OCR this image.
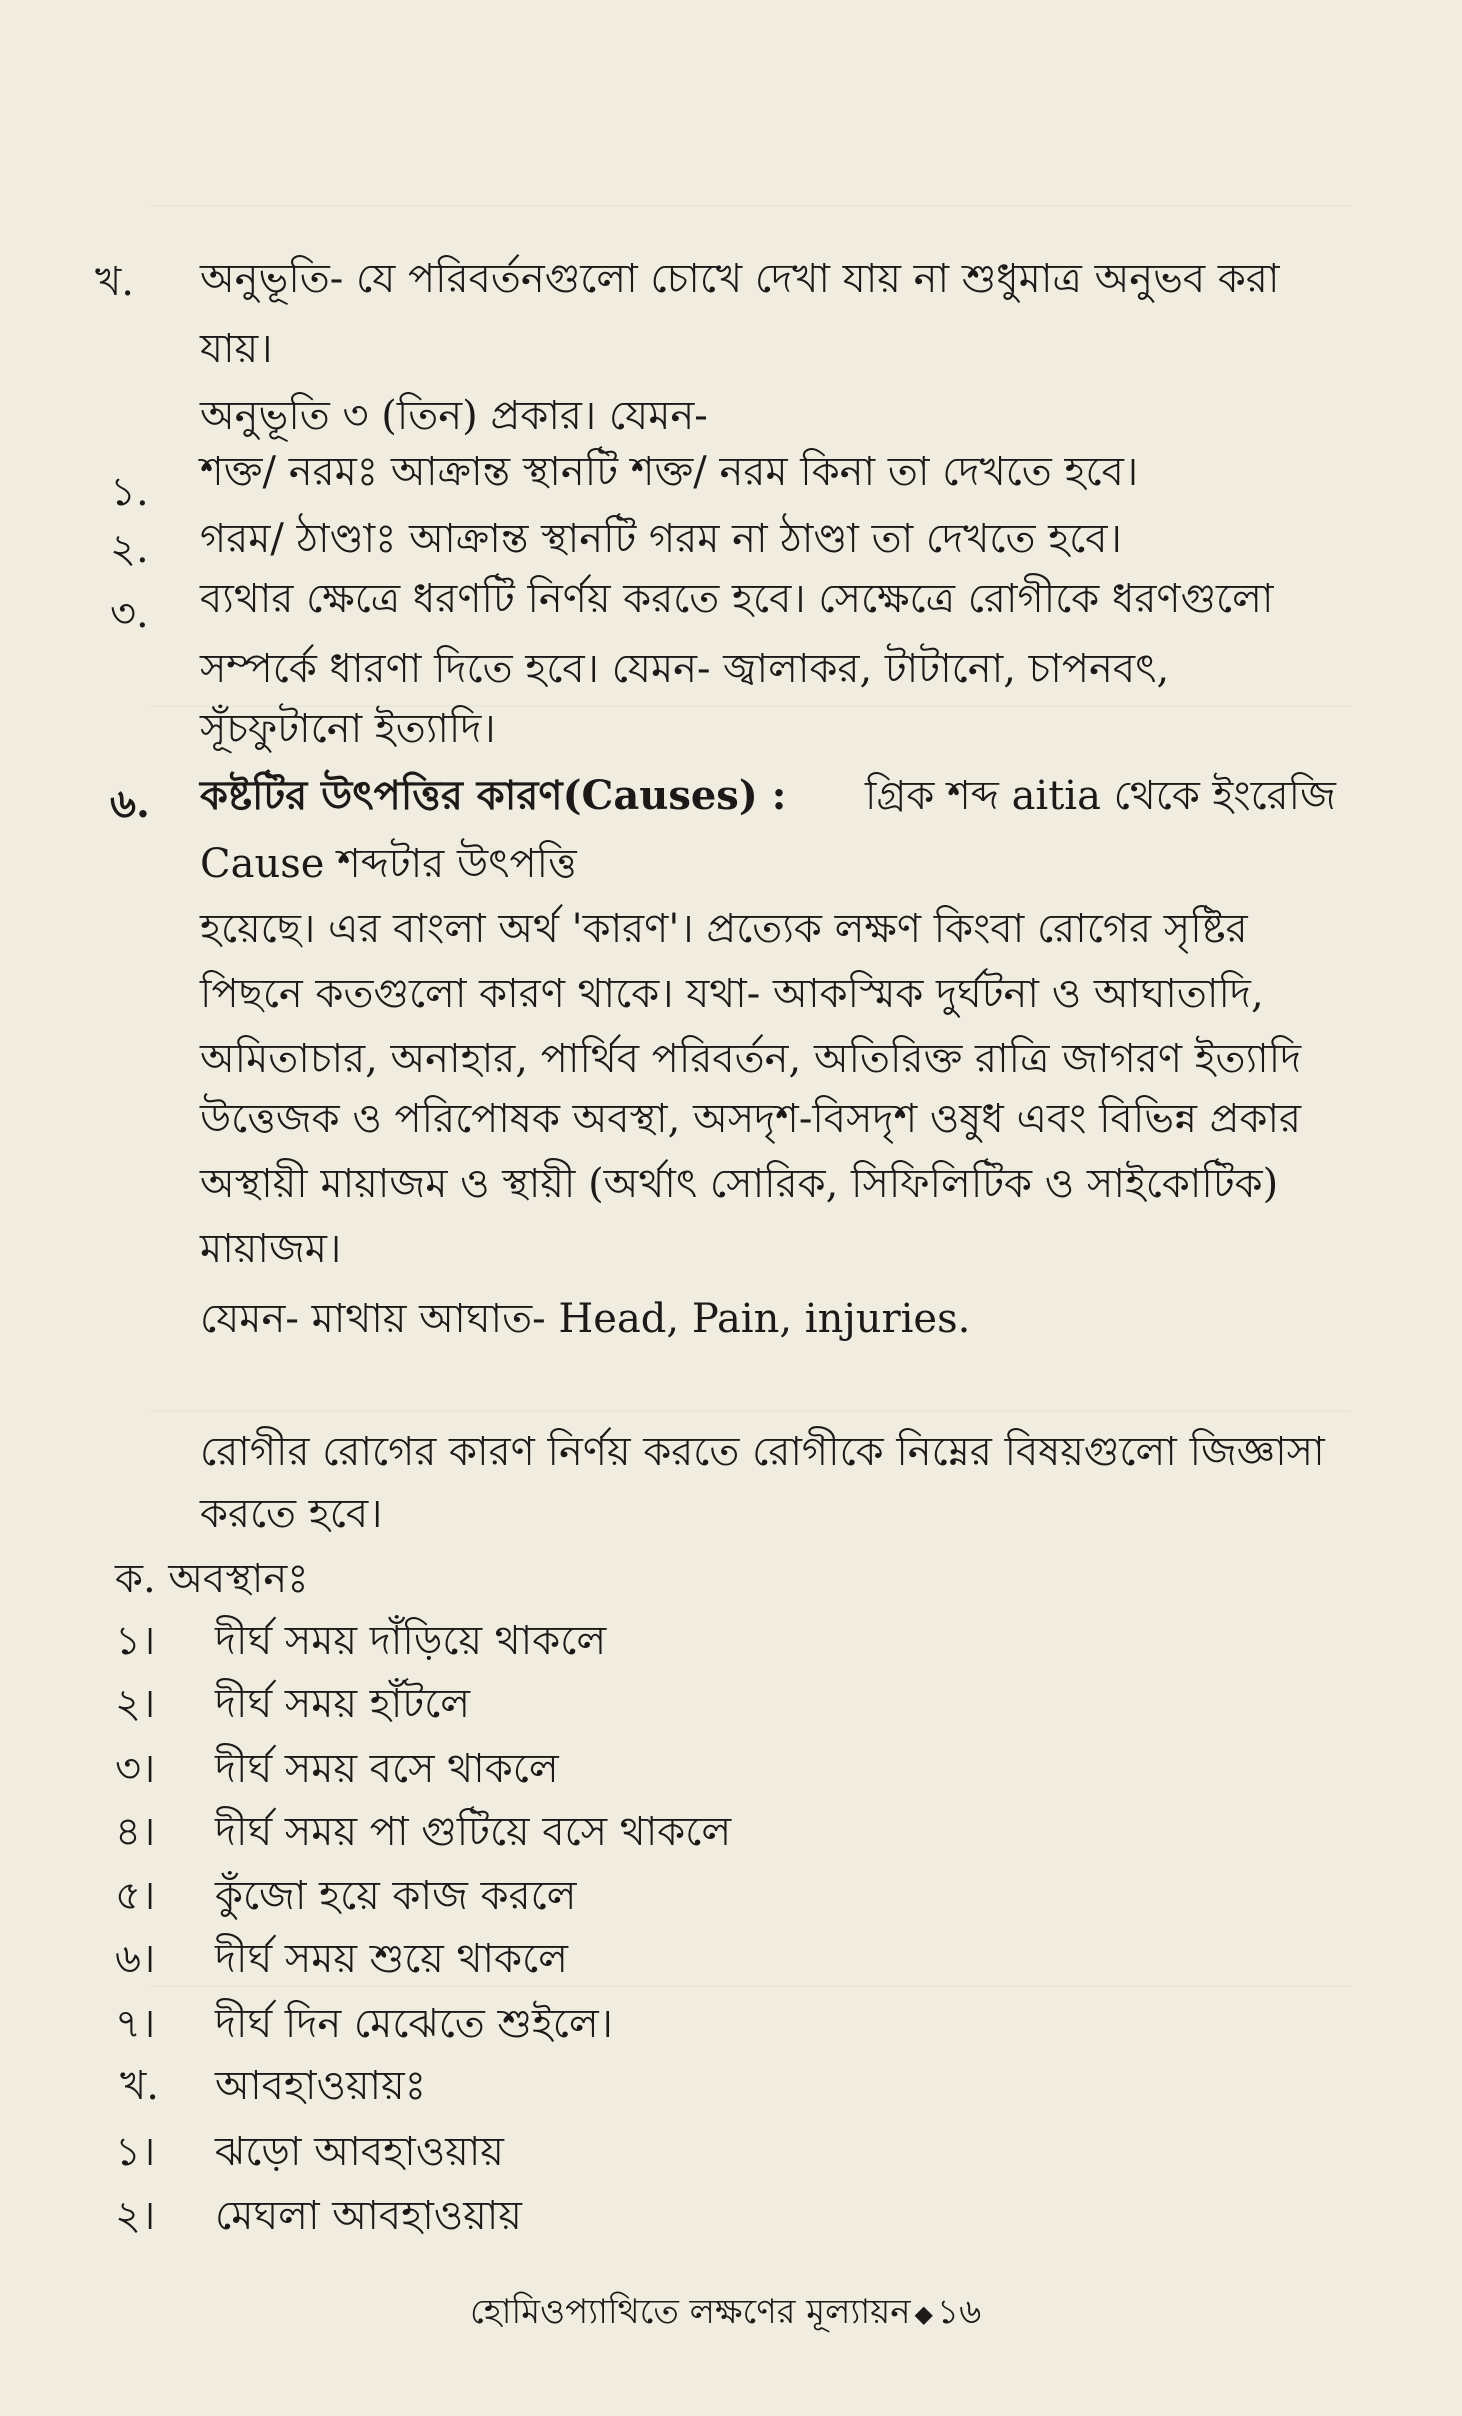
খ. অনুভূতি- যে পরিবর্তনগুলো চোখে দেখা যায় না শুধুমাত্র অনুভব করা
যায়।
অনুভূতি ৩ (তিন) প্রকার। যেমন-
১. শক্ত/ নরমঃ আক্রান্ত স্থানটি শক্ত/ নরম কিনা তা দেখতে হবে।
২. গরম/ ঠাণ্ডাঃ আক্রান্ত স্থানটি গরম না ঠাণ্ডা তা দেখতে হবে।
৩. ব্যথার ক্ষেত্রে ধরণটি নির্ণয় করতে হবে। সেক্ষেত্রে রোগীকে ধরণগুলো
সম্পর্কে ধারণা দিতে হবে। যেমন- জ্বালাকর, টাটানো, চাপনবৎ,
সূঁচফুটানো ইত্যাদি।
৬. কষ্টটির উৎপত্তির কারণ(Causes) : গ্রিক শব্দ aitia থেকে ইংরেজি
Cause শব্দটার উৎপত্তি
হয়েছে। এর বাংলা অর্থ 'কারণ'। প্রত্যেক লক্ষণ কিংবা রোগের সৃষ্টির
পিছনে কতগুলো কারণ থাকে। যথা- আকস্মিক দুর্ঘটনা ও আঘাতাদি,
অমিতাচার, অনাহার, পার্থিব পরিবর্তন, অতিরিক্ত রাত্রি জাগরণ ইত্যাদি
উত্তেজক ও পরিপোষক অবস্থা, অসদৃশ-বিসদৃশ ওষুধ এবং বিভিন্ন প্রকার
অস্থায়ী মায়াজম ও স্থায়ী (অর্থাৎ সোরিক, সিফিলিটিক ও সাইকোটিক)
মায়াজম।
যেমন- মাথায় আঘাত- Head, Pain, injuries.
রোগীর রোগের কারণ নির্ণয় করতে রোগীকে নিম্নের বিষয়গুলো জিজ্ঞাসা
করতে হবে।
ক. অবস্থানঃ
১। দীর্ঘ সময় দাঁড়িয়ে থাকলে
২। দীর্ঘ সময় হাঁটলে
৩। দীর্ঘ সময় বসে থাকলে
৪। দীর্ঘ সময় পা গুটিয়ে বসে থাকলে
৫। কুঁজো হয়ে কাজ করলে
৬। দীর্ঘ সময় শুয়ে থাকলে
৭। দীর্ঘ দিন মেঝেতে শুইলে।
খ. আবহাওয়ায়ঃ
১। ঝড়ো আবহাওয়ায়
২। মেঘলা আবহাওয়ায়
হোমিওপ্যাথিতে লক্ষণের মূল্যায়ন ◆ ১৬
